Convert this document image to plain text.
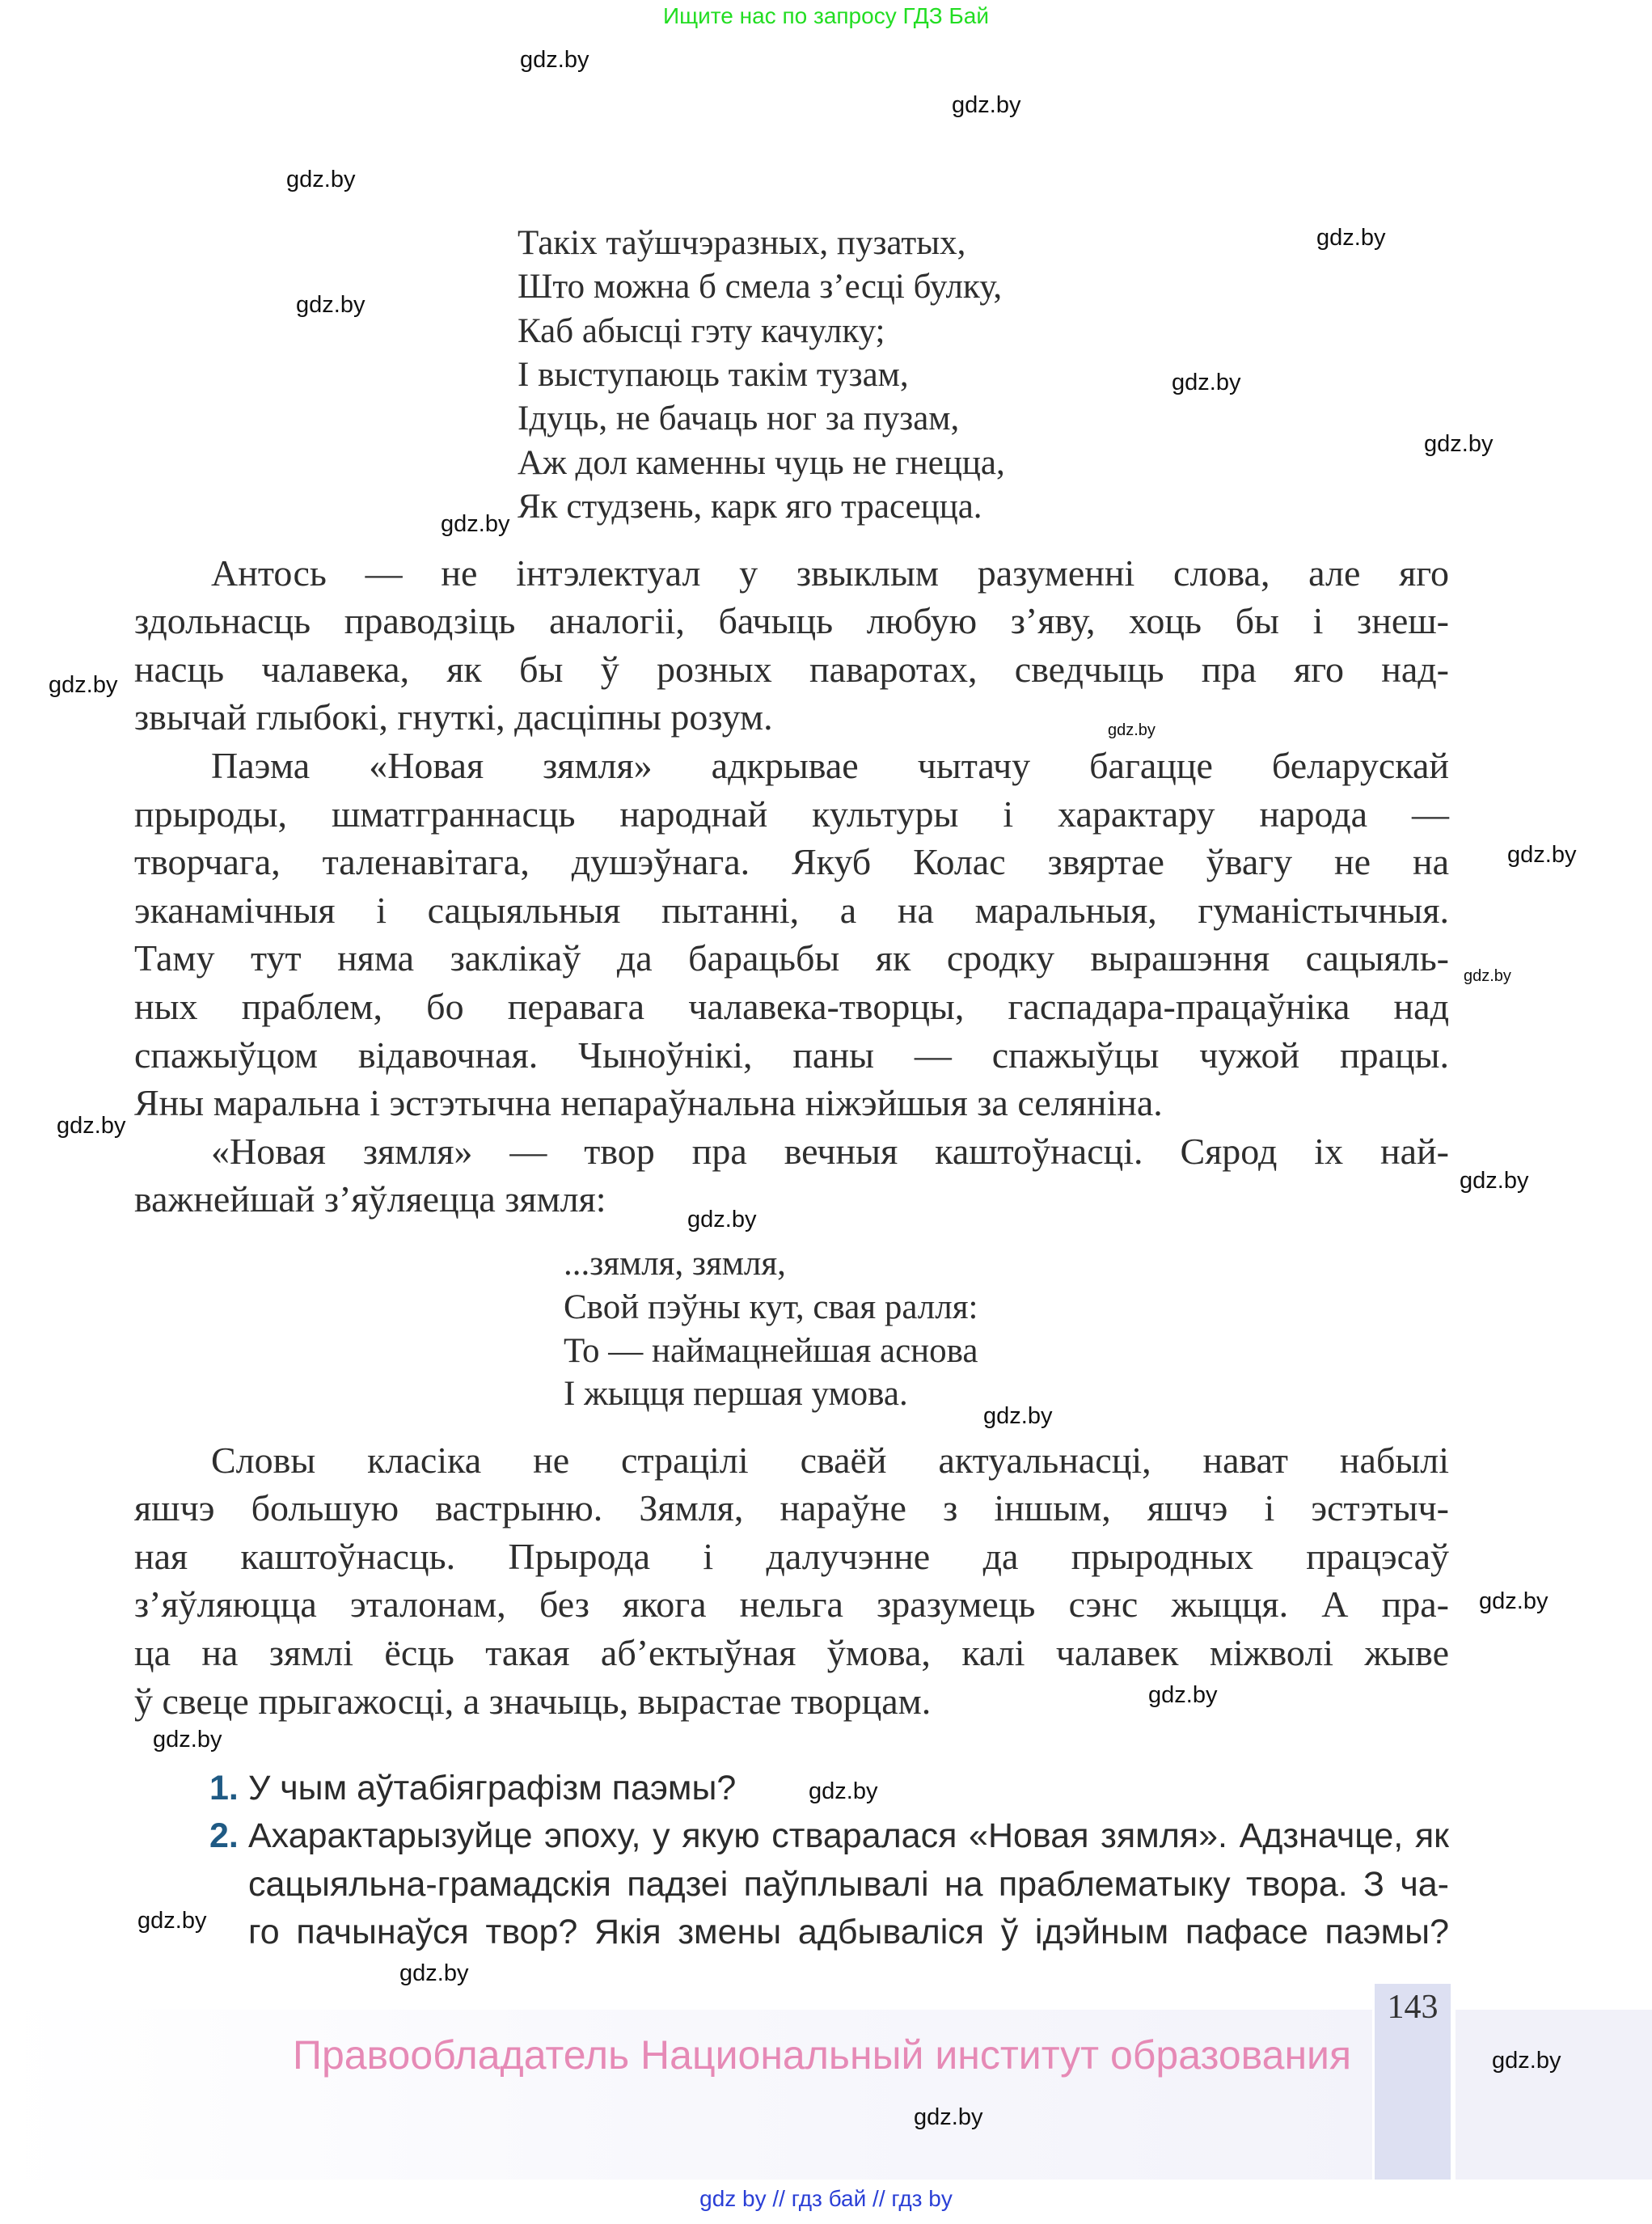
Ищите нас по запросу ГДЗ Бай
Такіх таўшчэразных, пузатых,
Што можна б смела з’есці булку,
Каб абысці гэту качулку;
І выступаюць такім тузам,
Ідуць, не бачаць ног за пузам,
Аж дол каменны чуць не гнецца,
Як студзень, карк яго трасецца.
Антось — не інтэлектуал у звыклым разуменні слова, але яго
здольнасць праводзіць аналогіі, бачыць любую з’яву, хоць бы і знеш-
насць чалавека, як бы ў розных паваротах, сведчыць пра яго над-
звычай глыбокі, гнуткі, дасціпны розум.
Паэма «Новая зямля» адкрывае чытачу багацце беларускай
прыроды, шматграннасць народнай культуры і характару народа —
творчага, таленавітага, душэўнага. Якуб Колас звяртае ўвагу не на
эканамічныя і сацыяльныя пытанні, а на маральныя, гуманістычныя.
Таму тут няма заклікаў да барацьбы як сродку вырашэння сацыяль-
ных праблем, бо перавага чалавека-творцы, гаспадара-працаўніка над
спажыўцом відавочная. Чыноўнікі, паны — спажыўцы чужой працы.
Яны маральна і эстэтычна непараўнальна ніжэйшыя за селяніна.
«Новая зямля» — твор пра вечныя каштоўнасці. Сярод іх най-
важнейшай з’яўляецца зямля:
...зямля, зямля,
Свой пэўны кут, свая ралля:
То — наймацнейшая аснова
І жыцця першая умова.
Словы класіка не страцілі сваёй актуальнасці, нават набылі
яшчэ большую вастрыню. Зямля, нараўне з іншым, яшчэ і эстэтыч-
ная каштоўнасць. Прырода і далучэнне да прыродных працэсаў
з’яўляюцца эталонам, без якога нельга зразумець сэнс жыцця. А пра-
ца на зямлі ёсць такая аб’ектыўная ўмова, калі чалавек міжволі жыве
ў свеце прыгажосці, а значыць, вырастае творцам.
1. У чым аўтабіяграфізм паэмы?
2. Ахарактарызуйце эпоху, у якую стваралася «Новая зямля». Адзначце, як
сацыяльна-грамадскія падзеі паўплывалі на праблематыку твора. З ча-
го пачынаўся твор? Якія змены адбываліся ў ідэйным пафасе паэмы?
143
Правообладатель Национальный институт образования
gdz by // гдз бай // гдз by
gdz.by
gdz.by
gdz.by
gdz.by
gdz.by
gdz.by
gdz.by
gdz.by
gdz.by
gdz.by
gdz.by
gdz.by
gdz.by
gdz.by
gdz.by
gdz.by
gdz.by
gdz.by
gdz.by
gdz.by
gdz.by
gdz.by
gdz.by
gdz.by
